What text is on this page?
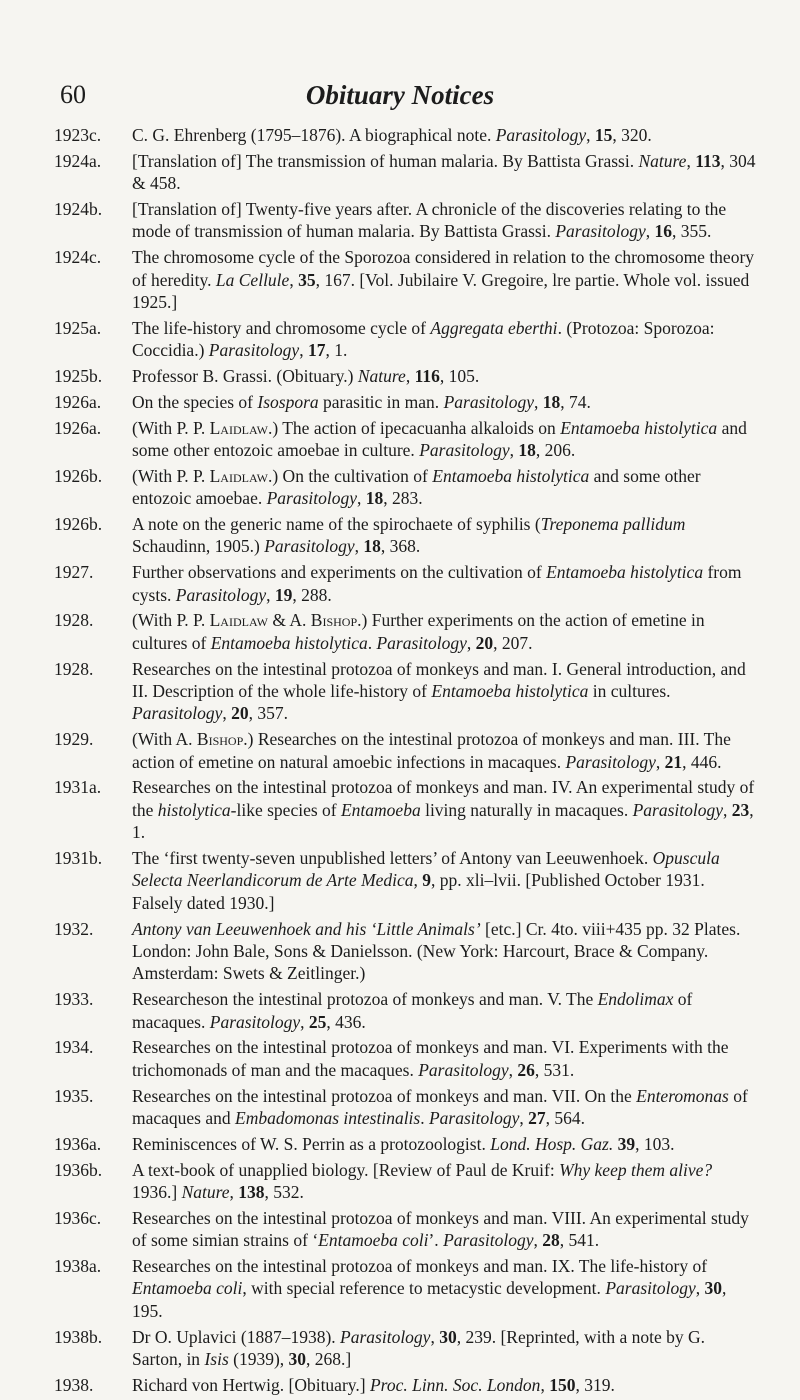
60	Obituary Notices
1923c.	C. G. Ehrenberg (1795–1876). A biographical note. Parasitology, 15, 320.
1924a.	[Translation of] The transmission of human malaria. By Battista Grassi. Nature, 113, 304 & 458.
1924b.	[Translation of] Twenty-five years after. A chronicle of the discoveries relating to the mode of transmission of human malaria. By Battista Grassi. Parasitology, 16, 355.
1924c.	The chromosome cycle of the Sporozoa considered in relation to the chromosome theory of heredity. La Cellule, 35, 167. [Vol. Jubilaire V. Gregoire, lre partie. Whole vol. issued 1925.]
1925a.	The life-history and chromosome cycle of Aggregata eberthi. (Protozoa: Sporozoa: Coccidia.) Parasitology, 17, 1.
1925b.	Professor B. Grassi. (Obituary.) Nature, 116, 105.
1926a.	On the species of Isospora parasitic in man. Parasitology, 18, 74.
1926a.	(With P. P. Laidlaw.) The action of ipecacuanha alkaloids on Entamoeba histolytica and some other entozoic amoebae in culture. Parasitology, 18, 206.
1926b.	(With P. P. Laidlaw.) On the cultivation of Entamoeba histolytica and some other entozoic amoebae. Parasitology, 18, 283.
1926b.	A note on the generic name of the spirochaete of syphilis (Treponema pallidum Schaudinn, 1905.) Parasitology, 18, 368.
1927.	Further observations and experiments on the cultivation of Entamoeba histolytica from cysts. Parasitology, 19, 288.
1928.	(With P. P. Laidlaw & A. Bishop.) Further experiments on the action of emetine in cultures of Entamoeba histolytica. Parasitology, 20, 207.
1928.	Researches on the intestinal protozoa of monkeys and man. I. General introduction, and II. Description of the whole life-history of Entamoeba histolytica in cultures. Parasitology, 20, 357.
1929.	(With A. Bishop.) Researches on the intestinal protozoa of monkeys and man. III. The action of emetine on natural amoebic infections in macaques. Parasitology, 21, 446.
1931a.	Researches on the intestinal protozoa of monkeys and man. IV. An experimental study of the histolytica-like species of Entamoeba living naturally in macaques. Parasitology, 23, 1.
1931b.	The ‘first twenty-seven unpublished letters’ of Antony van Leeuwenhoek. Opuscula Selecta Neerlandicorum de Arte Medica, 9, pp. xli–lvii. [Published October 1931. Falsely dated 1930.]
1932.	Antony van Leeuwenhoek and his ‘Little Animals’ [etc.] Cr. 4to. viii+435 pp. 32 Plates. London: John Bale, Sons & Danielsson. (New York: Harcourt, Brace & Company. Amsterdam: Swets & Zeitlinger.)
1933.	Researcheson the intestinal protozoa of monkeys and man. V. The Endolimax of macaques. Parasitology, 25, 436.
1934.	Researches on the intestinal protozoa of monkeys and man. VI. Experiments with the trichomonads of man and the macaques. Parasitology, 26, 531.
1935.	Researches on the intestinal protozoa of monkeys and man. VII. On the Enteromonas of macaques and Embadomonas intestinalis. Parasitology, 27, 564.
1936a.	Reminiscences of W. S. Perrin as a protozoologist. Lond. Hosp. Gaz. 39, 103.
1936b.	A text-book of unapplied biology. [Review of Paul de Kruif: Why keep them alive? 1936.] Nature, 138, 532.
1936c.	Researches on the intestinal protozoa of monkeys and man. VIII. An experimental study of some simian strains of ‘Entamoeba coli’. Parasitology, 28, 541.
1938a.	Researches on the intestinal protozoa of monkeys and man. IX. The life-history of Entamoeba coli, with special reference to metacystic development. Parasitology, 30, 195.
1938b.	Dr O. Uplavici (1887–1938). Parasitology, 30, 239. [Reprinted, with a note by G. Sarton, in Isis (1939), 30, 268.]
1938.	Richard von Hertwig. [Obituary.] Proc. Linn. Soc. London, 150, 319.
